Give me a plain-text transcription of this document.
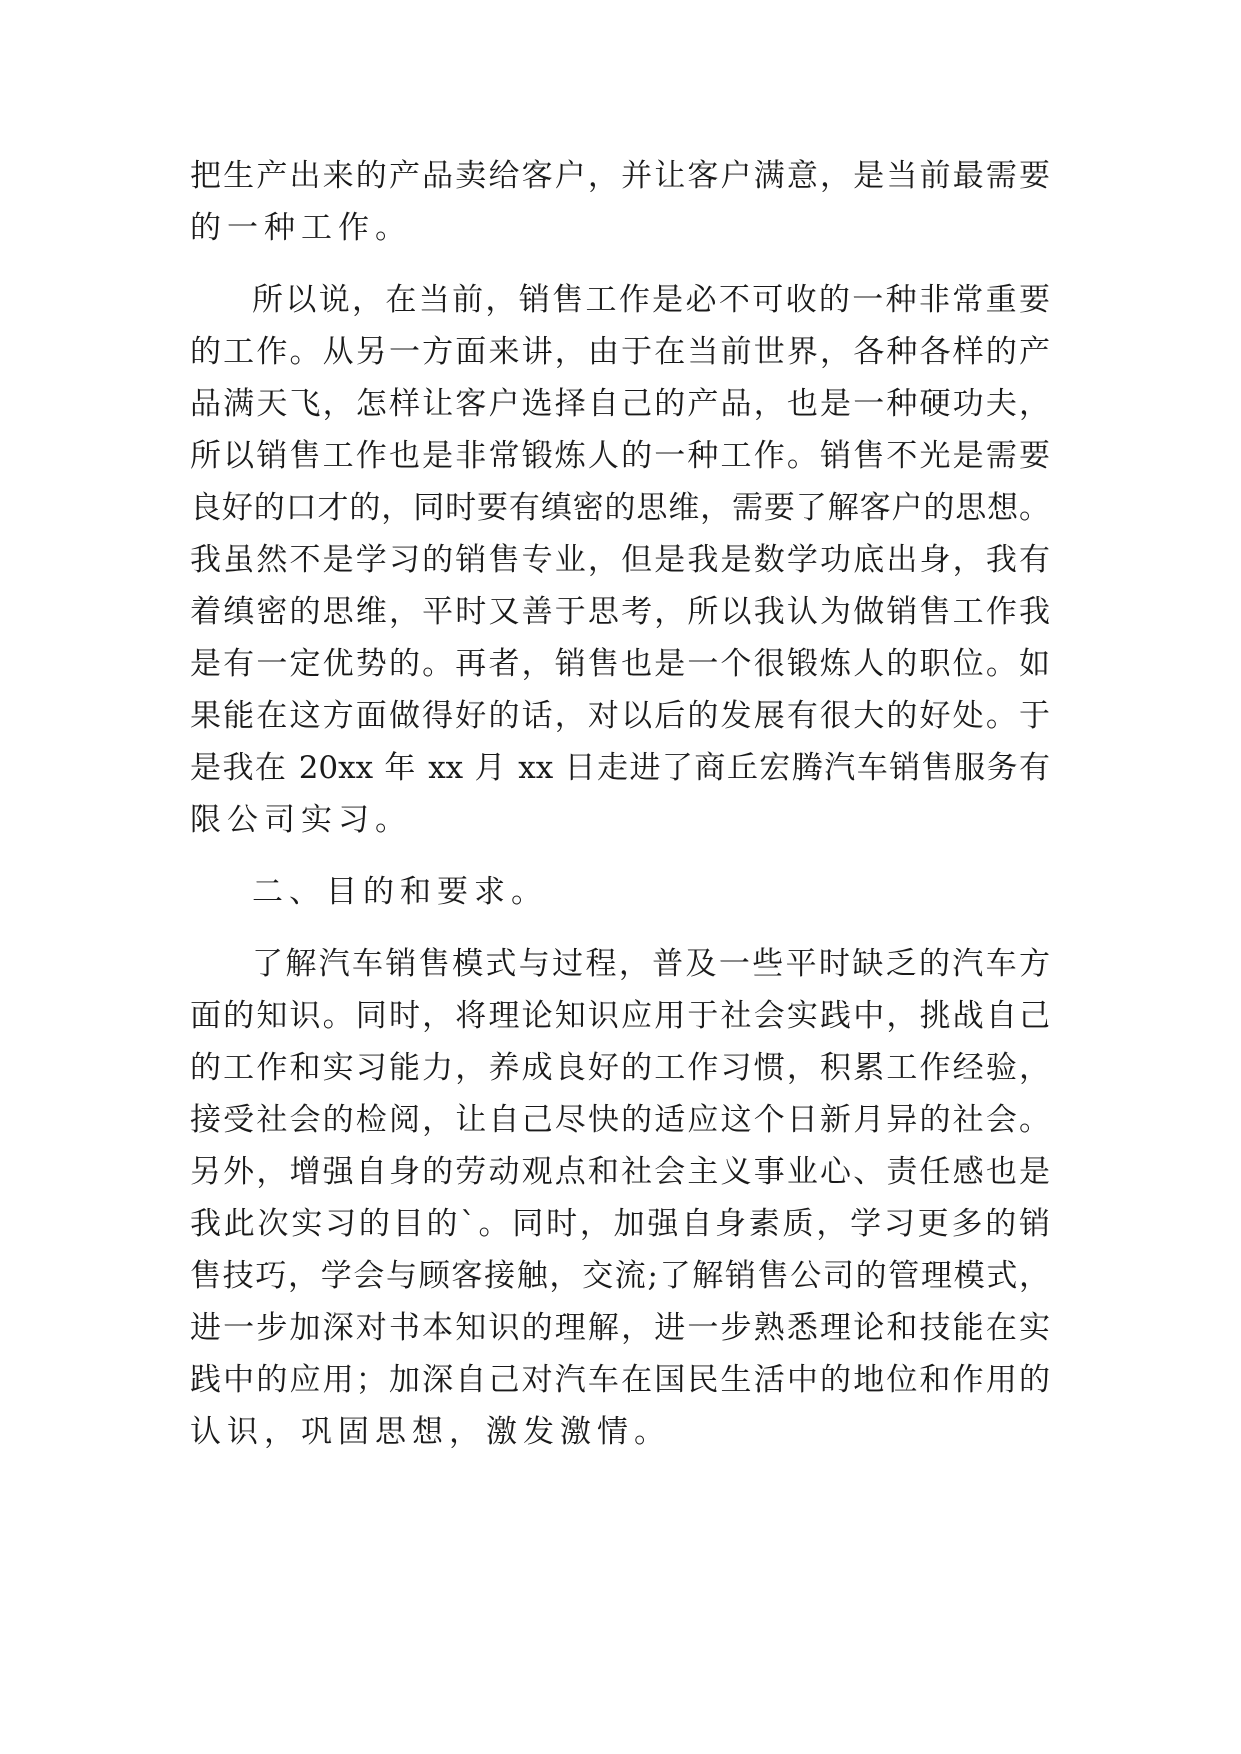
把生产出来的产品卖给客户，并让客户满意，是当前最需要
的一种工作。
所以说，在当前，销售工作是必不可收的一种非常重要
的工作。从另一方面来讲，由于在当前世界，各种各样的产
品满天飞，怎样让客户选择自己的产品，也是一种硬功夫，
所以销售工作也是非常锻炼人的一种工作。销售不光是需要
良好的口才的，同时要有缜密的思维，需要了解客户的思想。
我虽然不是学习的销售专业，但是我是数学功底出身，我有
着缜密的思维，平时又善于思考，所以我认为做销售工作我
是有一定优势的。再者，销售也是一个很锻炼人的职位。如
果能在这方面做得好的话，对以后的发展有很大的好处。于
是我在 20xx 年 xx 月 xx 日走进了商丘宏腾汽车销售服务有
限公司实习。
二、目的和要求。
了解汽车销售模式与过程，普及一些平时缺乏的汽车方
面的知识。同时，将理论知识应用于社会实践中，挑战自己
的工作和实习能力，养成良好的工作习惯，积累工作经验，
接受社会的检阅，让自己尽快的适应这个日新月异的社会。
另外，增强自身的劳动观点和社会主义事业心、责任感也是
我此次实习的目的`。同时，加强自身素质，学习更多的销
售技巧，学会与顾客接触，交流;了解销售公司的管理模式，
进一步加深对书本知识的理解，进一步熟悉理论和技能在实
践中的应用；加深自己对汽车在国民生活中的地位和作用的
认识，巩固思想，激发激情。
